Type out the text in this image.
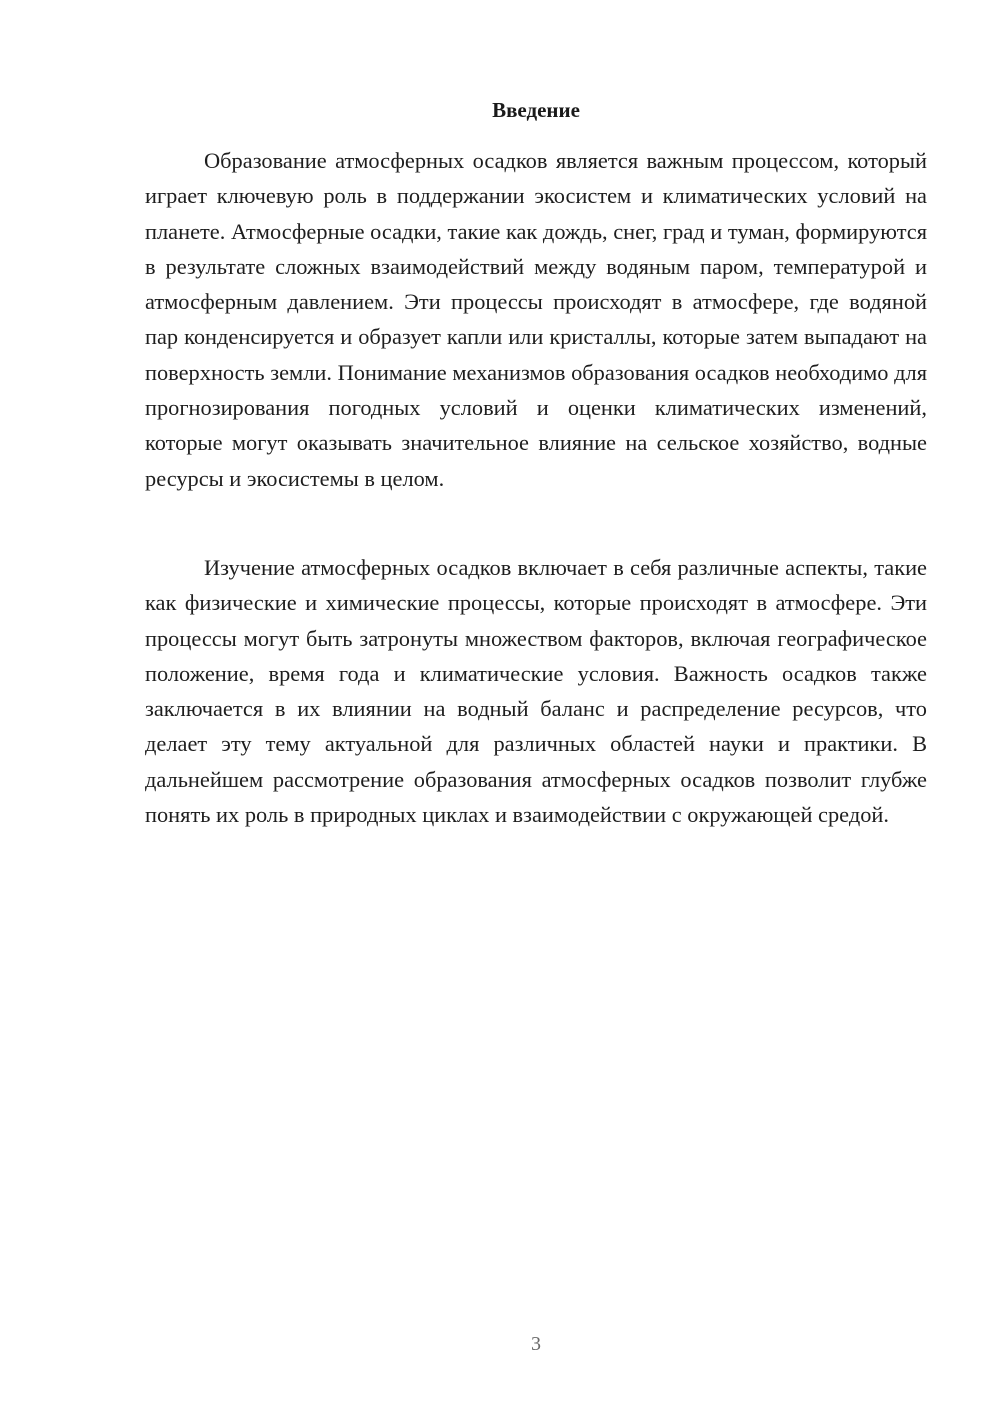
Введение

Образование атмосферных осадков является важным процессом, который играет ключевую роль в поддержании экосистем и климатических условий на планете. Атмосферные осадки, такие как дождь, снег, град и туман, формируются в результате сложных взаимодействий между водяным паром, температурой и атмосферным давлением. Эти процессы происходят в атмосфере, где водяной пар конденсируется и образует капли или кристаллы, которые затем выпадают на поверхность земли. Понимание механизмов образования осадков необходимо для прогнозирования погодных условий и оценки климатических изменений, которые могут оказывать значительное влияние на сельское хозяйство, водные ресурсы и экосистемы в целом.

Изучение атмосферных осадков включает в себя различные аспекты, такие как физические и химические процессы, которые происходят в атмосфере. Эти процессы могут быть затронуты множеством факторов, включая географическое положение, время года и климатические условия. Важность осадков также заключается в их влиянии на водный баланс и распределение ресурсов, что делает эту тему актуальной для различных областей науки и практики. В дальнейшем рассмотрение образования атмосферных осадков позволит глубже понять их роль в природных циклах и взаимодействии с окружающей средой.

3
